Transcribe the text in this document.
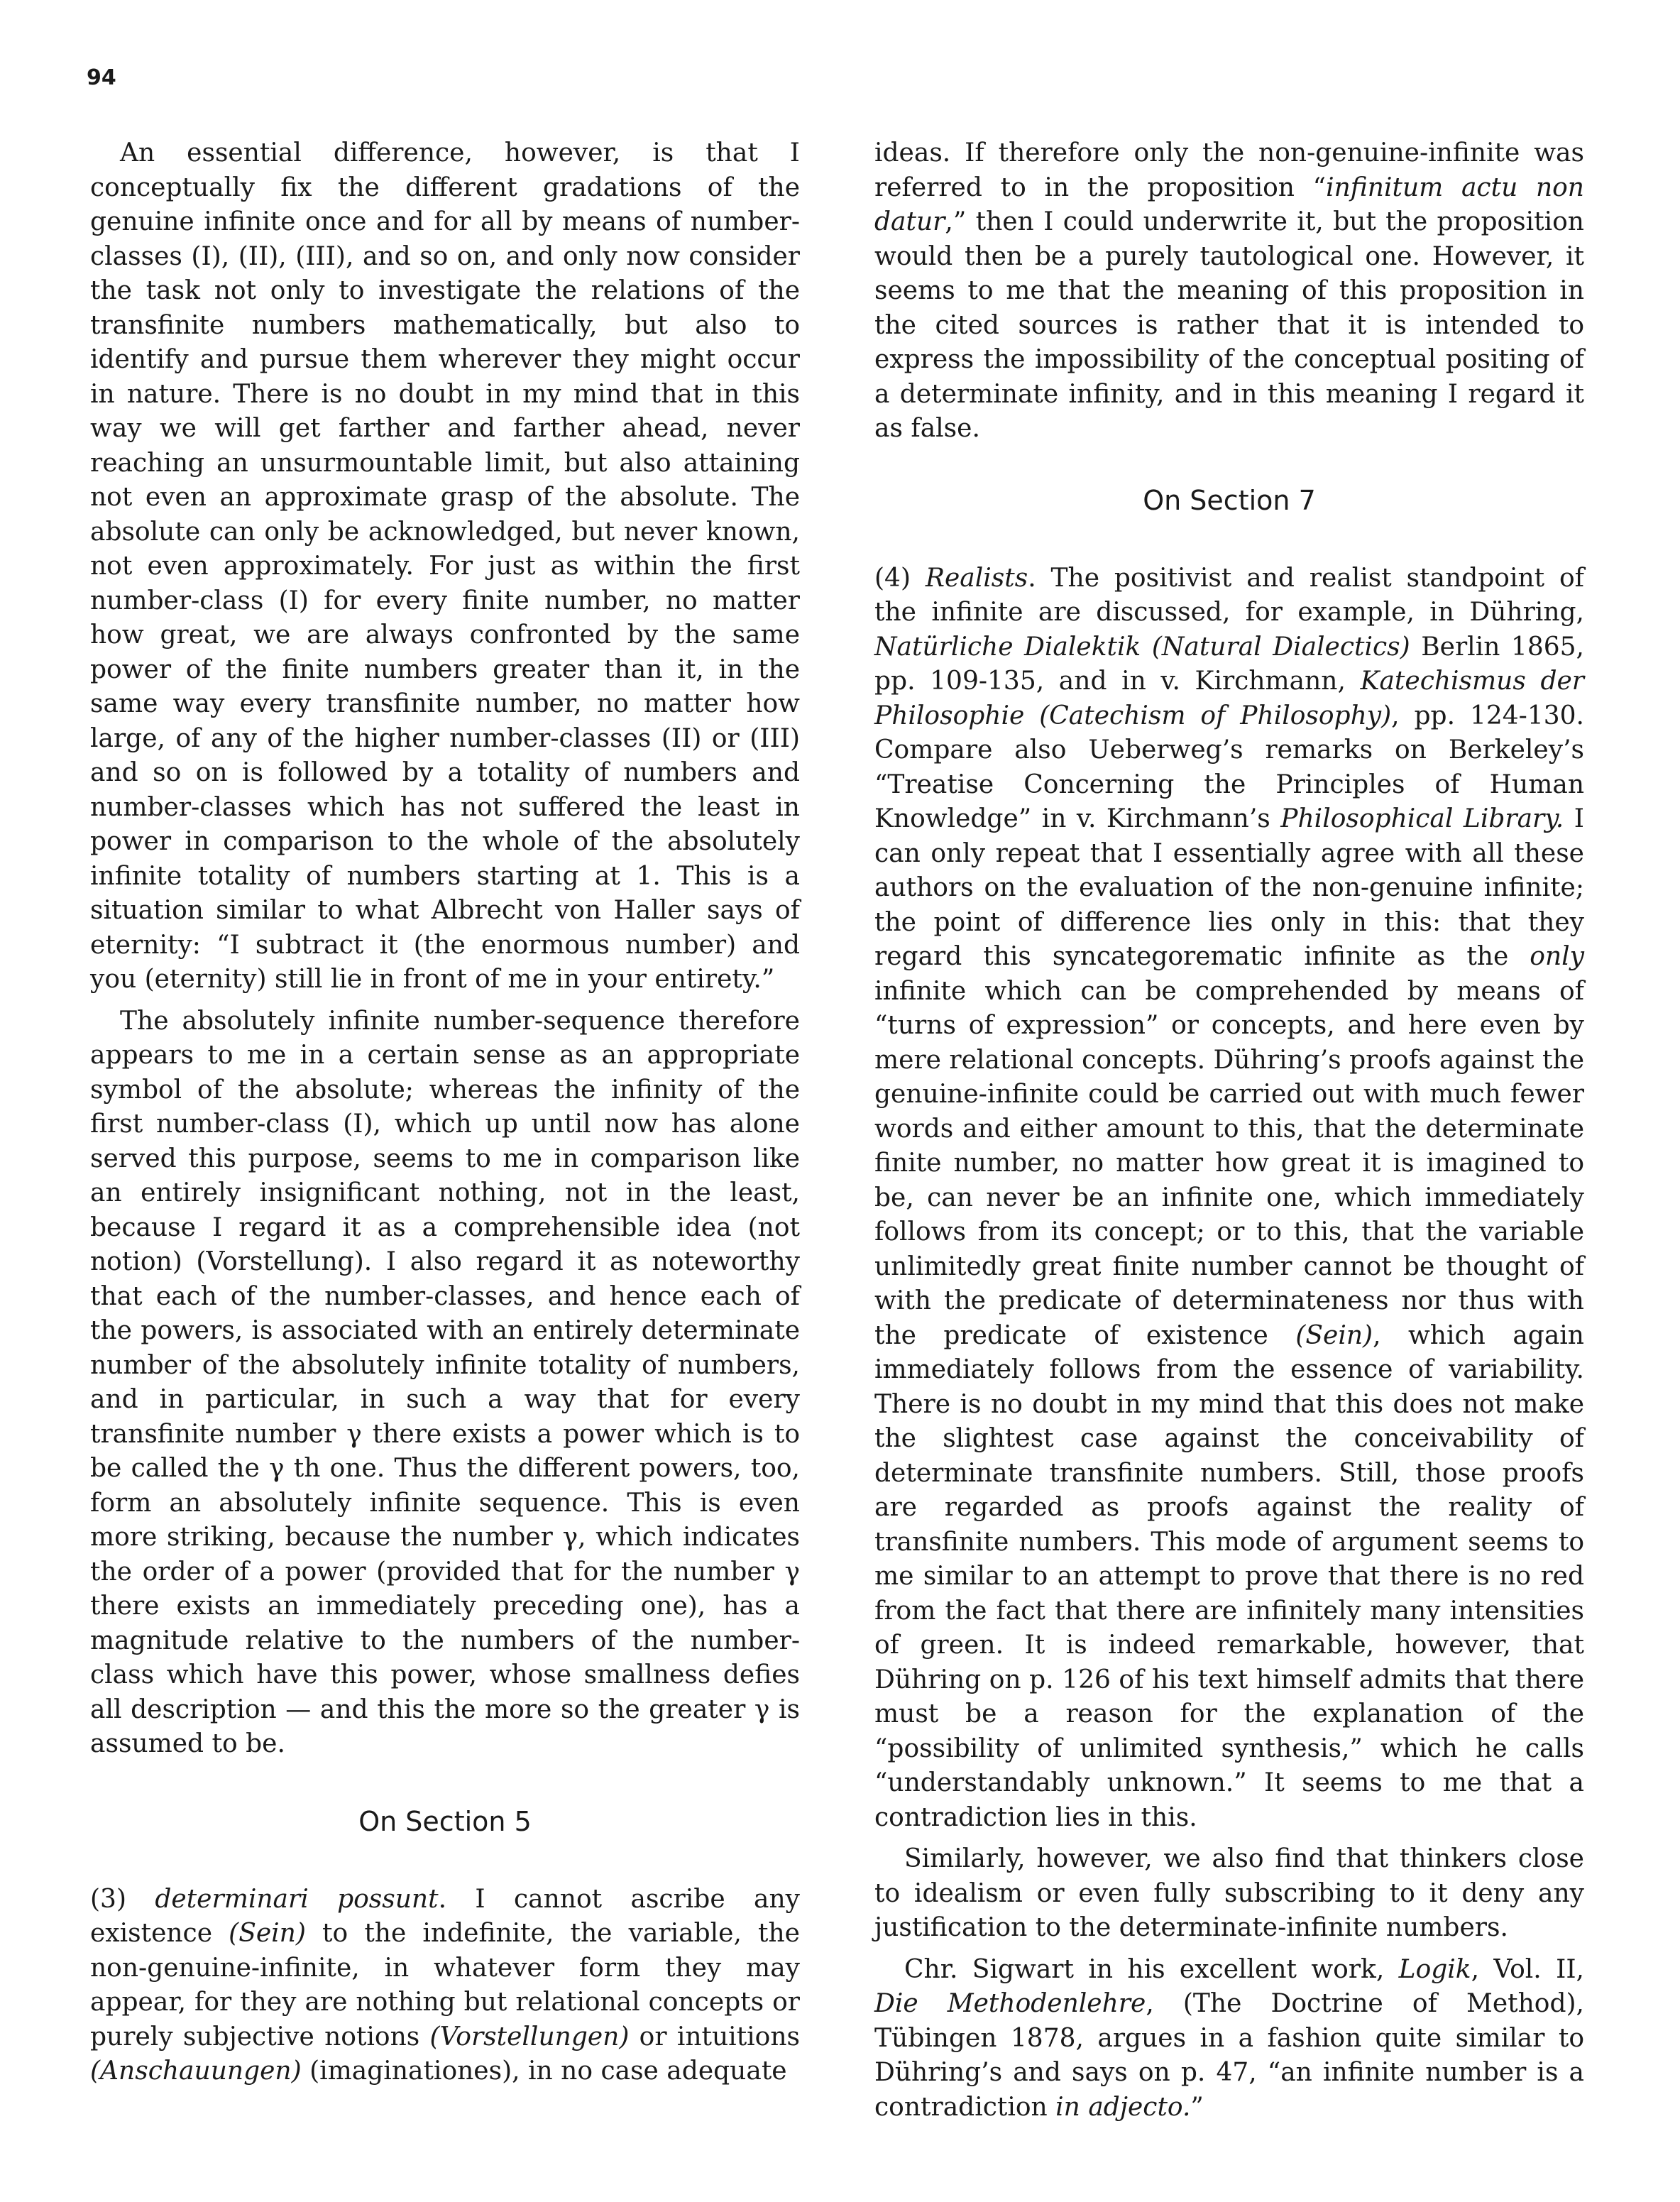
94

An essential difference, however, is that I conceptually fix the different gradations of the genuine infinite once and for all by means of number-classes (I), (II), (III), and so on, and only now consider the task not only to investigate the relations of the transfinite numbers mathematically, but also to identify and pursue them wherever they might occur in nature. There is no doubt in my mind that in this way we will get farther and farther ahead, never reaching an unsurmountable limit, but also attaining not even an approximate grasp of the absolute. The absolute can only be acknowledged, but never known, not even approximately. For just as within the first number-class (I) for every finite number, no matter how great, we are always confronted by the same power of the finite numbers greater than it, in the same way every transfinite number, no matter how large, of any of the higher number-classes (II) or (III) and so on is followed by a totality of numbers and number-classes which has not suffered the least in power in comparison to the whole of the absolutely infinite totality of numbers starting at 1. This is a situation similar to what Albrecht von Haller says of eternity: “I subtract it (the enormous number) and you (eternity) still lie in front of me in your entirety.”

The absolutely infinite number-sequence therefore appears to me in a certain sense as an appropriate symbol of the absolute; whereas the infinity of the first number-class (I), which up until now has alone served this purpose, seems to me in comparison like an entirely insignificant nothing, not in the least, because I regard it as a comprehensible idea (not notion) (Vorstellung). I also regard it as noteworthy that each of the number-classes, and hence each of the powers, is associated with an entirely determinate number of the absolutely infinite totality of numbers, and in particular, in such a way that for every transfinite number γ there exists a power which is to be called the γ th one. Thus the different powers, too, form an absolutely infinite sequence. This is even more striking, because the number γ, which indicates the order of a power (provided that for the number γ there exists an immediately preceding one), has a magnitude relative to the numbers of the number-class which have this power, whose smallness defies all description — and this the more so the greater γ is assumed to be.

On Section 5

(3) determinari possunt. I cannot ascribe any existence (Sein) to the indefinite, the variable, the non-genuine-infinite, in whatever form they may appear, for they are nothing but relational concepts or purely subjective notions (Vorstellungen) or intuitions (Anschauungen) (imaginationes), in no case adequate

ideas. If therefore only the non-genuine-infinite was referred to in the proposition “infinitum actu non datur,” then I could underwrite it, but the proposition would then be a purely tautological one. However, it seems to me that the meaning of this proposition in the cited sources is rather that it is intended to express the impossibility of the conceptual positing of a determinate infinity, and in this meaning I regard it as false.

On Section 7

(4) Realists. The positivist and realist standpoint of the infinite are discussed, for example, in Dühring, Natürliche Dialektik (Natural Dialectics) Berlin 1865, pp. 109-135, and in v. Kirchmann, Katechismus der Philosophie (Catechism of Philosophy), pp. 124-130. Compare also Ueberweg’s remarks on Berkeley’s “Treatise Concerning the Principles of Human Knowledge” in v. Kirchmann’s Philosophical Library. I can only repeat that I essentially agree with all these authors on the evaluation of the non-genuine infinite; the point of difference lies only in this: that they regard this syncategorematic infinite as the only infinite which can be comprehended by means of “turns of expression” or concepts, and here even by mere relational concepts. Dühring’s proofs against the genuine-infinite could be carried out with much fewer words and either amount to this, that the determinate finite number, no matter how great it is imagined to be, can never be an infinite one, which immediately follows from its concept; or to this, that the variable unlimitedly great finite number cannot be thought of with the predicate of determinateness nor thus with the predicate of existence (Sein), which again immediately follows from the essence of variability. There is no doubt in my mind that this does not make the slightest case against the conceivability of determinate transfinite numbers. Still, those proofs are regarded as proofs against the reality of transfinite numbers. This mode of argument seems to me similar to an attempt to prove that there is no red from the fact that there are infinitely many intensities of green. It is indeed remarkable, however, that Dühring on p. 126 of his text himself admits that there must be a reason for the explanation of the “possibility of unlimited synthesis,” which he calls “understandably unknown.” It seems to me that a contradiction lies in this.

Similarly, however, we also find that thinkers close to idealism or even fully subscribing to it deny any justification to the determinate-infinite numbers.

Chr. Sigwart in his excellent work, Logik, Vol. II, Die Methodenlehre, (The Doctrine of Method), Tübingen 1878, argues in a fashion quite similar to Dühring’s and says on p. 47, “an infinite number is a contradiction in adjecto.”
